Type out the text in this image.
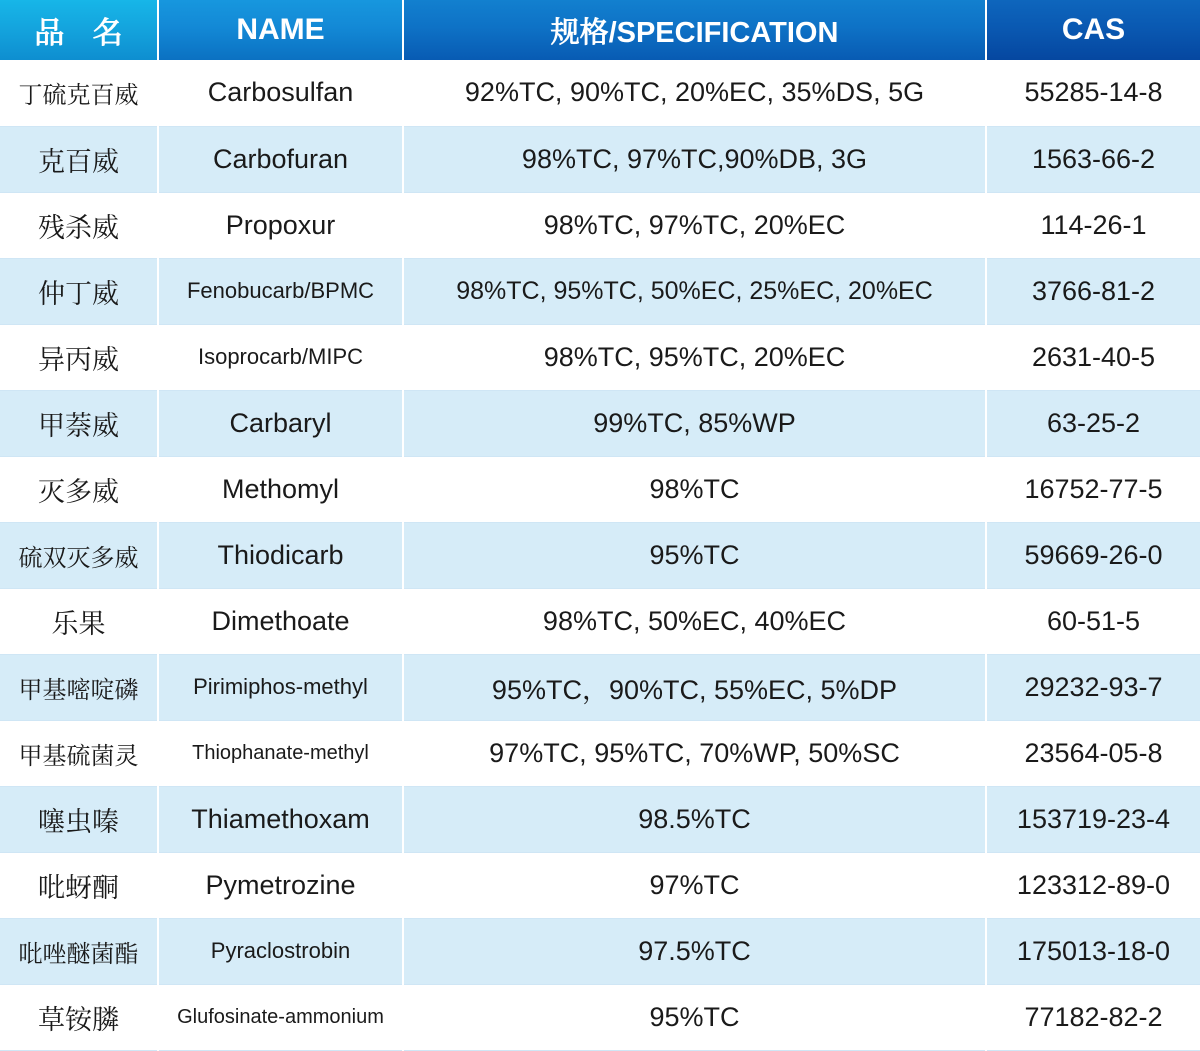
品 名	NAME	规格/SPECIFICATION	CAS
丁硫克百威	Carbosulfan	92%TC, 90%TC, 20%EC, 35%DS, 5G	55285-14-8
克百威	Carbofuran	98%TC, 97%TC,90%DB, 3G	1563-66-2
残杀威	Propoxur	98%TC, 97%TC, 20%EC	114-26-1
仲丁威	Fenobucarb/BPMC	98%TC, 95%TC, 50%EC, 25%EC, 20%EC	3766-81-2
异丙威	Isoprocarb/MIPC	98%TC, 95%TC, 20%EC	2631-40-5
甲萘威	Carbaryl	99%TC, 85%WP	63-25-2
灭多威	Methomyl	98%TC	16752-77-5
硫双灭多威	Thiodicarb	95%TC	59669-26-0
乐果	Dimethoate	98%TC, 50%EC, 40%EC	60-51-5
甲基嘧啶磷	Pirimiphos-methyl	95%TC，90%TC, 55%EC, 5%DP	29232-93-7
甲基硫菌灵	Thiophanate-methyl	97%TC, 95%TC, 70%WP, 50%SC	23564-05-8
噻虫嗪	Thiamethoxam	98.5%TC	153719-23-4
吡蚜酮	Pymetrozine	97%TC	123312-89-0
吡唑醚菌酯	Pyraclostrobin	97.5%TC	175013-18-0
草铵膦	Glufosinate-ammonium	95%TC	77182-82-2
